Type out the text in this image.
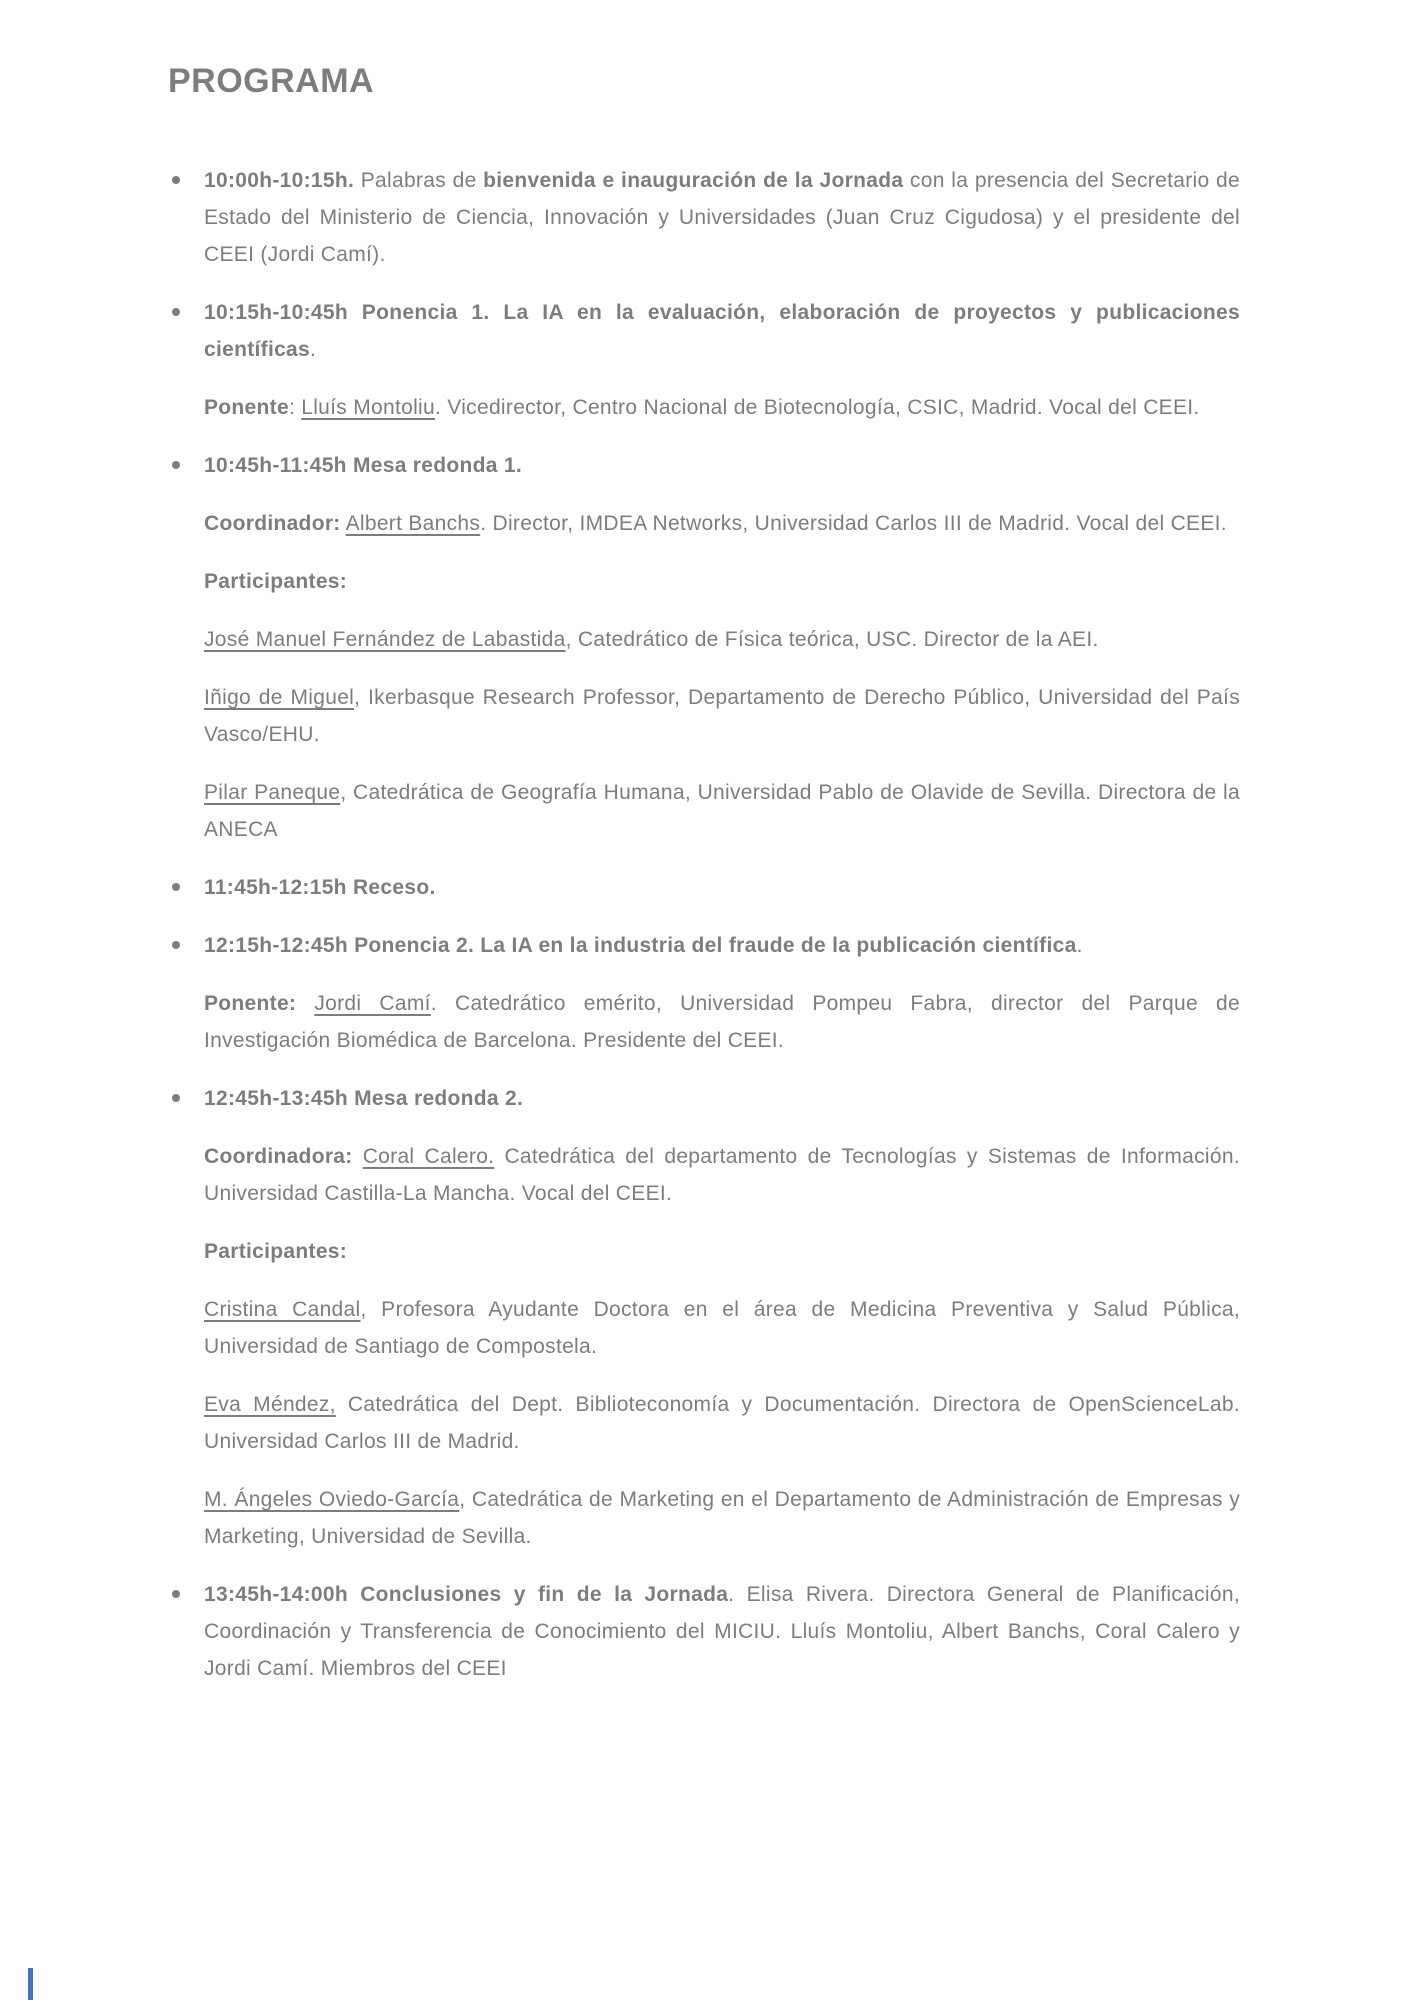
PROGRAMA
10:00h-10:15h. Palabras de bienvenida e inauguración de la Jornada con la presencia del Secretario de Estado del Ministerio de Ciencia, Innovación y Universidades (Juan Cruz Cigudosa) y el presidente del CEEI (Jordi Camí).
10:15h-10:45h Ponencia 1. La IA en la evaluación, elaboración de proyectos y publicaciones científicas.
Ponente: Lluís Montoliu. Vicedirector, Centro Nacional de Biotecnología, CSIC, Madrid. Vocal del CEEI.
10:45h-11:45h Mesa redonda 1.
Coordinador: Albert Banchs. Director, IMDEA Networks, Universidad Carlos III de Madrid. Vocal del CEEI.
Participantes:
José Manuel Fernández de Labastida, Catedrático de Física teórica, USC. Director de la AEI.
Iñigo de Miguel, Ikerbasque Research Professor, Departamento de Derecho Público, Universidad del País Vasco/EHU.
Pilar Paneque, Catedrática de Geografía Humana, Universidad Pablo de Olavide de Sevilla. Directora de la ANECA
11:45h-12:15h Receso.
12:15h-12:45h Ponencia 2. La IA en la industria del fraude de la publicación científica.
Ponente: Jordi Camí. Catedrático emérito, Universidad Pompeu Fabra, director del Parque de Investigación Biomédica de Barcelona. Presidente del CEEI.
12:45h-13:45h Mesa redonda 2.
Coordinadora: Coral Calero. Catedrática del departamento de Tecnologías y Sistemas de Información. Universidad Castilla-La Mancha. Vocal del CEEI.
Participantes:
Cristina Candal, Profesora Ayudante Doctora en el área de Medicina Preventiva y Salud Pública, Universidad de Santiago de Compostela.
Eva Méndez, Catedrática del Dept. Biblioteconomía y Documentación. Directora de OpenScienceLab. Universidad Carlos III de Madrid.
M. Ángeles Oviedo-García, Catedrática de Marketing en el Departamento de Administración de Empresas y Marketing, Universidad de Sevilla.
13:45h-14:00h Conclusiones y fin de la Jornada. Elisa Rivera. Directora General de Planificación, Coordinación y Transferencia de Conocimiento del MICIU. Lluís Montoliu, Albert Banchs, Coral Calero y Jordi Camí. Miembros del CEEI
